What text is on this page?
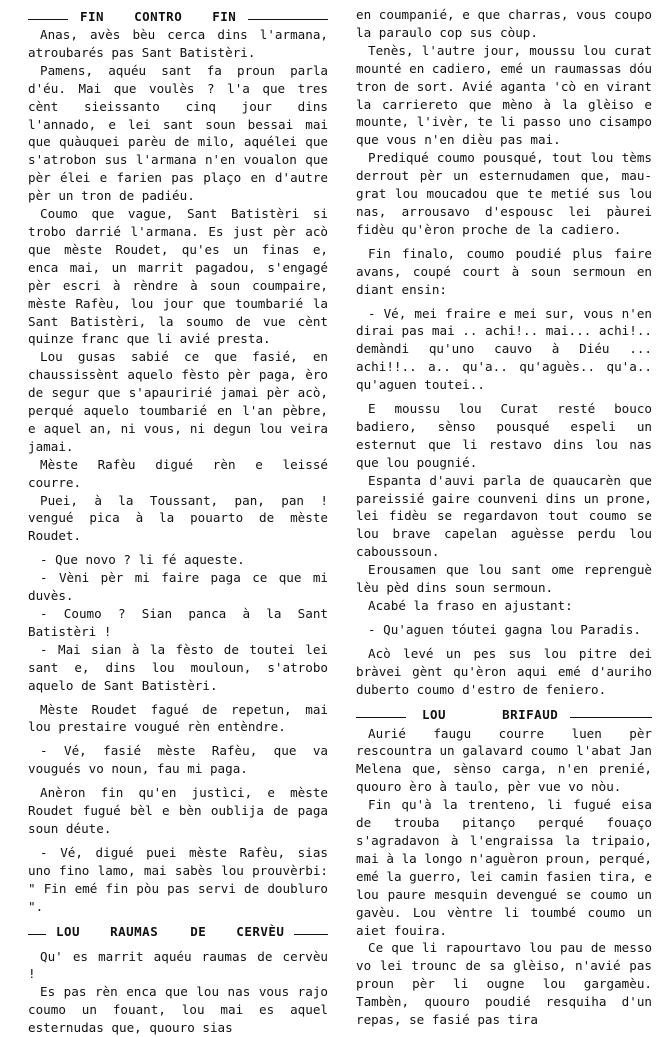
FIN CONTRO FIN

Anas, avès bèu cerca dins l'armana, atroubarés pas Sant Batistèri.

Pamens, aquéu sant fa proun parla d'éu. Mai que voulès ? l'a que tres cènt sieissanto cinq jour dins l'annado, e lei sant soun bessai mai que quàuquei parèu de milo, aquélei que s'atrobon sus l'armana n'en voualon que pèr élei e farien pas plaço en d'autre pèr un tron de padiéu.

Coumo que vague, Sant Batistèri si trobo darrié l'armana. Es just pèr acò que mèste Roudet, qu'es un finas e, enca mai, un marrit pagadou, s'engagé pèr escri à rèndre à soun coumpaire, mèste Rafèu, lou jour que toumbarié la Sant Batistèri, la soumo de vue cènt quinze franc que li avié presta.

Lou gusas sabié ce que fasié, en chaussissènt aquelo fèsto pèr paga, èro de segur que s'apauririé jamai pèr acò, perqué aquelo toumbarié en l'an pèbre, e aquel an, ni vous, ni degun lou veira jamai.

Mèste Rafèu digué rèn e leissé courre.

Puei, à la Toussant, pan, pan ! vengué pica à la pouarto de mèste Roudet.

- Que novo ? li fé aqueste.

- Vèni pèr mi faire paga ce que mi duvès.

- Coumo ? Sian panca à la Sant Batistèri !

- Mai sian à la fèsto de toutei lei sant e, dins lou mouloun, s'atrobo aquelo de Sant Batistèri.

Mèste Roudet fagué de repetun, mai lou prestaire vougué rèn entèndre.

- Vé, fasié mèste Rafèu, que va vougués vo noun, fau mi paga.

Anèron fin qu'en justìci, e mèste Roudet fugué bèl e bèn oublija de paga soun déute.

- Vé, digué puei mèste Rafèu, sias uno fino lamo, mai sabès lou prouvèrbi: " Fin emé fin pòu pas servi de doubluro ".

LOU RAUMAS	DE CERVÈU

Qu' es marrit aquéu raumas de cervèu !

Es pas rèn enca que lou nas vous rajo coumo un fouant, lou mai es aquel esternudas que, quouro sias

en coumpanié, e que charras, vous coupo la paraulo cop sus còup.

Tenès, l'autre jour, moussu lou curat mounté en cadiero, emé un raumassas dóu tron de sort. Avié aganta 'cò en virant la carriereto que mèno à la glèiso e mounte, l'ivèr, te li passo uno cisampo que vous n'en dièu pas mai.

Prediqué coumo pousqué, tout lou tèms derrout pèr un esternudamen que, mau-grat lou moucadou que te metié sus lou nas, arrousavo d'espousc lei pàurei fidèu qu'èron proche de la cadiero.

Fin finalo, coumo poudié plus faire avans, coupé court à soun sermoun en diant ensin:

- Vé, mei fraire e mei sur, vous n'en dirai pas mai .. achi!.. mai... achi!.. demàndi qu'uno cauvo à Diéu ... achi!!.. a.. qu'a.. qu'aguès.. qu'a.. qu'aguen toutei..

E moussu lou Curat resté bouco badiero, sènso pousqué espeli un esternut que li restavo dins lou nas que lou pougnié.

Espanta d'auvi parla de quaucarèn que pareissié gaire counveni dins un prone, lei fidèu se regardavon tout coumo se lou brave capelan aguèsse perdu lou caboussoun.

Erousamen que lou sant ome reprenguè lèu pèd dins soun sermoun.

Acabé la fraso en ajustant:

- Qu'aguen tóutei gagna lou Paradis.

Acò levé un pes sus lou pitre dei bràvei gènt qu'èron aqui emé d'auriho duberto coumo d'estro de feniero.

LOU	BRIFAUD

Aurié faugu courre luen pèr rescountra un galavard coumo l'abat Jan Melena que, sènso carga, n'en prenié, quouro èro à taulo, pèr vue vo nòu.

Fin qu'à la trenteno, li fugué eisa de trouba pitanço perqué fouaço s'agradavon à l'engraissa la tripaio, mai à la longo n'aguèron proun, perqué, emé la guerro, lei camin fasien tira, e lou paure mesquin devengué se coumo un gavèu. Lou vèntre li toumbé coumo un aiet fouira.

Ce que li rapourtavo lou pau de messo vo lei trounc de sa glèiso, n'avié pas proun pèr li ougne lou gargamèu. Tambèn, quouro poudié resquiha d'un repas, se fasié pas tira
